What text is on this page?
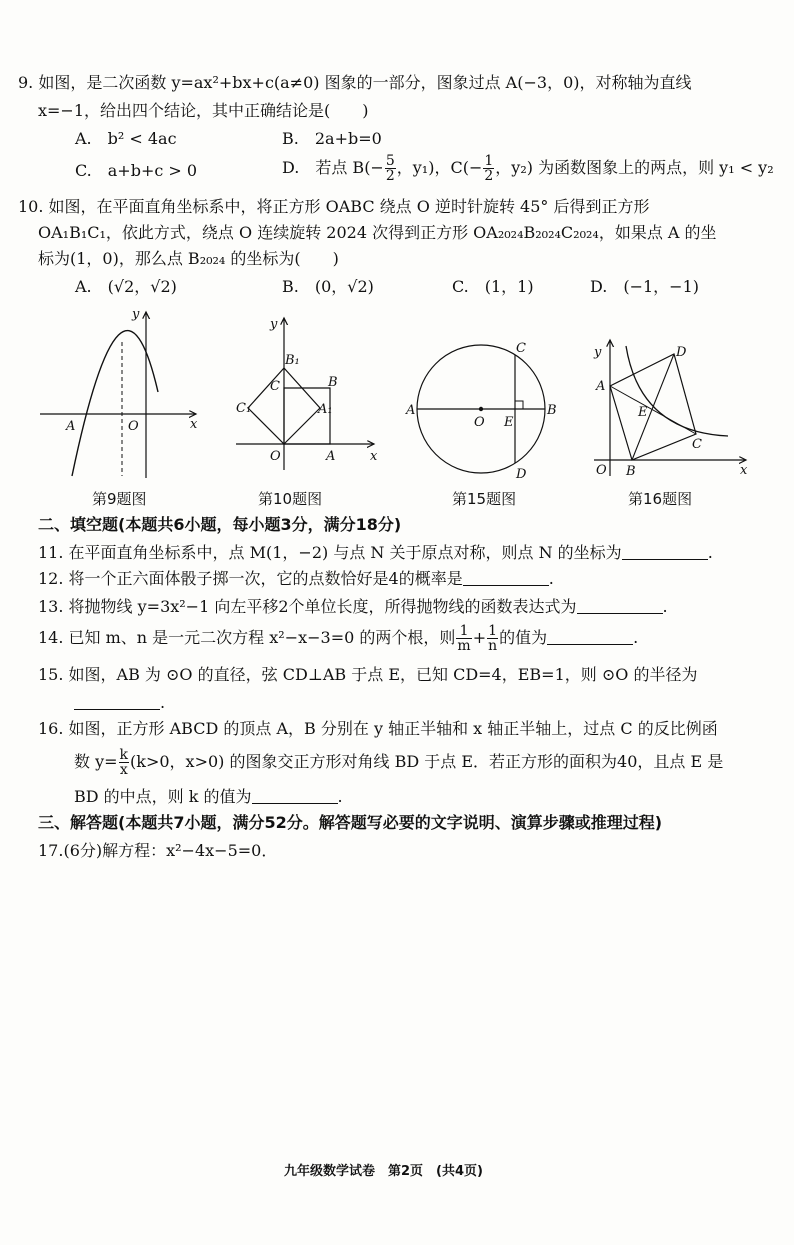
9. 如图，是二次函数 y=ax²+bx+c(a≠0) 图象的一部分，图象过点 A(−3，0)，对称轴为直线
x=−1，给出四个结论，其中正确结论是(　　)
A.　b² < 4ac	B.　2a+b=0
C.　a+b+c > 0	D.　若点 $B(- \frac{5}{2}$ ，y₁)，$C(- \frac{1}{2}$ ，y₂) 为函数图象上的两点，则 y₁ < y₂
10. 如图，在平面直角坐标系中，将正方形 OABC 绕点 O 逆时针旋转 45° 后得到正方形
OA₁B₁C₁，依此方式，绕点 O 连续旋转 2024 次得到正方形 OA₂₀₂₄B₂₀₂₄C₂₀₂₄，如果点 A 的坐
标为(1，0)，那么点 B₂₀₂₄ 的坐标为(　　)
A.　(√2，√2)	B.　(0，√2)	C.　(1，1)	D.　(−1，−1)
A	O	x
y
第9题图
B₁
C	B
C₁	A₁
O	A	x
y
第10题图
A	B
C
D
O E
第15题图
y
A
D
E
C
O B	x
第16题图
二、填空题(本题共6小题，每小题3分，满分18分)
11. 在平面直角坐标系中，点 M(1，−2) 与点 N 关于原点对称，则点 N 的坐标为	.
12. 将一个正六面体骰子掷一次，它的点数恰好是4的概率是	.
13. 将抛物线 y=3x²−1 向左平移2个单位长度，所得抛物线的函数表达式为	.
14. 已知 m、n 是一元二次方程 x²−x−3=0 的两个根，则 $\frac{1}{m} + \frac{1}{n}$ 的值为	.
15. 如图，AB 为 ⊙O 的直径，弦 CD⊥AB 于点 E，已知 CD=4，EB=1，则 ⊙O 的半径为
.
16. 如图，正方形 ABCD 的顶点 A，B 分别在 y 轴正半轴和 x 轴正半轴上，过点 C 的反比例函
数 $y= \frac{k}{x} (k>0$，x>0) 的图象交正方形对角线 BD 于点 E．若正方形的面积为40，且点 E 是
BD 的中点，则 k 的值为	.
三、解答题(本题共7小题，满分52分。解答题写必要的文字说明、演算步骤或推理过程)
17.(6分)解方程：x²−4x−5=0．
九年级数学试卷　第2页　(共4页)
